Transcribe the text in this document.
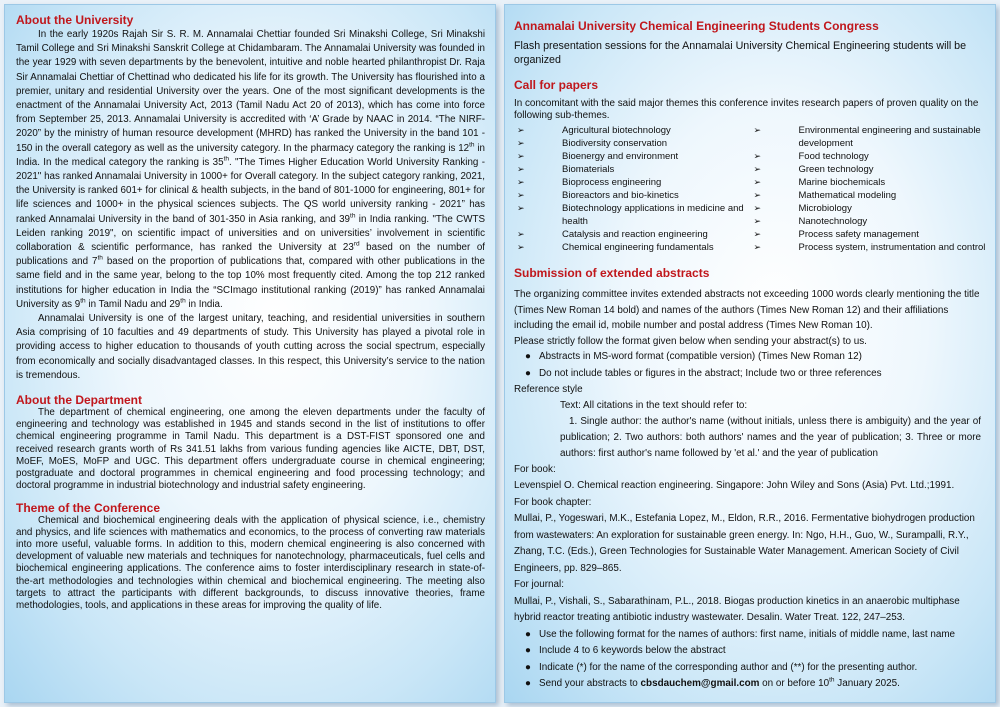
About the University

In the early 1920s Rajah Sir S. R. M. Annamalai Chettiar founded Sri Minakshi College, Sri Minakshi Tamil College and Sri Minakshi Sanskrit College at Chidambaram. The Annamalai University was founded in the year 1929 with seven departments by the benevolent, intuitive and noble hearted philanthropist Dr. Raja Sir Annamalai Chettiar of Chettinad who dedicated his life for its growth. The University has flourished into a premier, unitary and residential University over the years. One of the most significant developments is the enactment of the Annamalai University Act, 2013 (Tamil Nadu Act 20 of 2013), which has come into force from September 25, 2013. Annamalai University is accredited with ‘A’ Grade by NAAC in 2014. “The NIRF-2020” by the ministry of human resource development (MHRD) has ranked the University in the band 101 - 150 in the overall category as well as the university category. In the pharmacy category the ranking is 12th in India. In the medical category the ranking is 35th. "The Times Higher Education World University Ranking - 2021" has ranked Annamalai University in 1000+ for Overall category. In the subject category ranking, 2021, the University is ranked 601+ for clinical & health subjects, in the band of 801-1000 for engineering, 801+ for life sciences and 1000+ in the physical sciences subjects. The QS world university ranking - 2021” has ranked Annamalai University in the band of 301-350 in Asia ranking, and 39th in India ranking. "The CWTS Leiden ranking 2019", on scientific impact of universities and on universities’ involvement in scientific collaboration & scientific performance, has ranked the University at 23rd based on the number of publications and 7th based on the proportion of publications that, compared with other publications in the same field and in the same year, belong to the top 10% most frequently cited. Among the top 212 ranked institutions for higher education in India the “SCImago institutional ranking (2019)” has ranked Annamalai University as 9th in Tamil Nadu and 29th in India.

Annamalai University is one of the largest unitary, teaching, and residential universities in southern Asia comprising of 10 faculties and 49 departments of study. This University has played a pivotal role in providing access to higher education to thousands of youth cutting across the social spectrum, especially from economically and socially disadvantaged classes. In this respect, this University’s service to the nation is tremendous.

About the Department

The department of chemical engineering, one among the eleven departments under the faculty of engineering and technology was established in 1945 and stands second in the list of institutions to offer chemical engineering programme in Tamil Nadu. This department is a DST-FIST sponsored one and received research grants worth of Rs 341.51 lakhs from various funding agencies like AICTE, DBT, DST, MoEF, MoES, MoFP and UGC. This department offers undergraduate course in chemical engineering; postgraduate and doctoral programmes in chemical engineering and food processing technology; and doctoral programme in industrial biotechnology and industrial safety engineering.

Theme of the Conference

Chemical and biochemical engineering deals with the application of physical science, i.e., chemistry and physics, and life sciences with mathematics and economics, to the process of converting raw materials into more useful, valuable forms. In addition to this, modern chemical engineering is also concerned with development of valuable new materials and techniques for nanotechnology, pharmaceuticals, fuel cells and biochemical engineering applications. The conference aims to foster interdisciplinary research in state-of-the-art methodologies and technologies within chemical and biochemical engineering. The meeting also targets to attract the participants with different backgrounds, to discuss innovative theories, frame methodologies, tools, and applications in these areas for improving the quality of life.

Annamalai University Chemical Engineering Students Congress

Flash presentation sessions for the Annamalai University Chemical Engineering students will be organized

Call for papers

In concomitant with the said major themes this conference invites research papers of proven quality on the following sub-themes.

➢	Agricultural biotechnology
➢	Biodiversity conservation
➢	Bioenergy and environment
➢	Biomaterials
➢	Bioprocess engineering
➢	Bioreactors and bio-kinetics
➢	Biotechnology applications in medicine and health
➢	Catalysis and reaction engineering
➢	Chemical engineering fundamentals
➢	Environmental engineering and sustainable development
➢	Food technology
➢	Green technology
➢	Marine biochemicals
➢	Mathematical modeling
➢	Microbiology
➢	Nanotechnology
➢	Process safety management
➢	Process system, instrumentation and control
Submission of extended abstracts

The organizing committee invites extended abstracts not exceeding 1000 words clearly mentioning the title (Times New Roman 14 bold) and names of the authors (Times New Roman 12) and their affiliations including the email id, mobile number and postal address (Times New Roman 10).

Please strictly follow the format given below when sending your abstract(s) to us.

● Abstracts in MS-word format (compatible version) (Times New Roman 12)
● Do not include tables or figures in the abstract; Include two or three references

Reference style

Text: All citations in the text should refer to:

1. Single author: the author's name (without initials, unless there is ambiguity) and the year of publication; 2. Two authors: both authors' names and the year of publication; 3. Three or more authors: first author's name followed by 'et al.' and the year of publication

For book:

Levenspiel O. Chemical reaction engineering. Singapore: John Wiley and Sons (Asia) Pvt. Ltd.;1991.

For book chapter:

Mullai, P., Yogeswari, M.K., Estefania Lopez, M., Eldon, R.R., 2016. Fermentative biohydrogen production from wastewaters: An exploration for sustainable green energy. In: Ngo, H.H., Guo, W., Surampalli, R.Y., Zhang, T.C. (Eds.), Green Technologies for Sustainable Water Management. American Society of Civil Engineers, pp. 829–865.

For journal:

Mullai, P., Vishali, S., Sabarathinam, P.L., 2018. Biogas production kinetics in an anaerobic multiphase hybrid reactor treating antibiotic industry wastewater. Desalin. Water Treat. 122, 247–253.

● Use the following format for the names of authors: first name, initials of middle name, last name
● Include 4 to 6 keywords below the abstract
● Indicate (*) for the name of the corresponding author and (**) for the presenting author.
● Send your abstracts to cbsdauchem@gmail.com on or before 10th January 2025.
